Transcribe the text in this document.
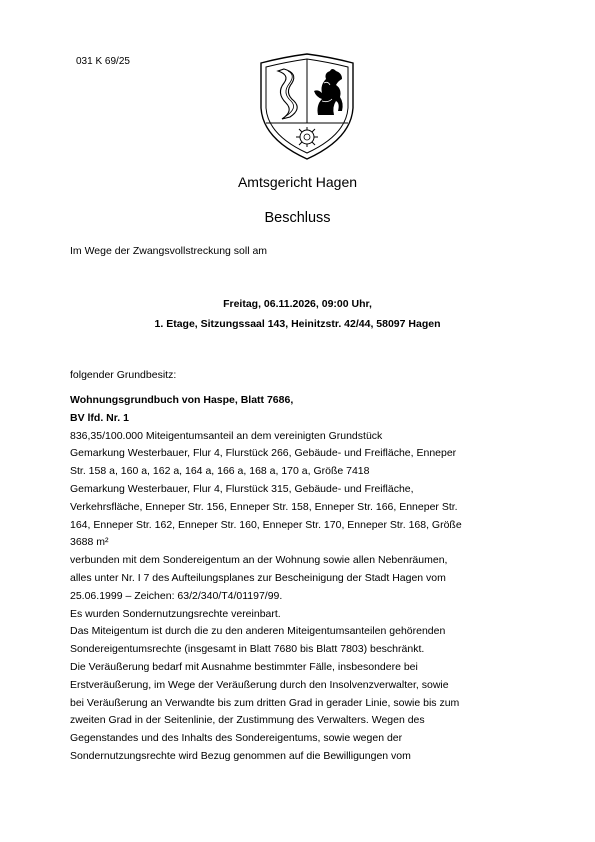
031 K 69/25
Amtsgericht Hagen
Beschluss
Im Wege der Zwangsvollstreckung soll am
Freitag, 06.11.2026, 09:00 Uhr,
1. Etage, Sitzungssaal 143, Heinitzstr. 42/44, 58097 Hagen
folgender Grundbesitz:
Wohnungsgrundbuch von Haspe, Blatt 7686,
BV lfd. Nr. 1
836,35/100.000 Miteigentumsanteil an dem vereinigten Grundstück
Gemarkung Westerbauer, Flur 4, Flurstück 266, Gebäude- und Freifläche, Enneper
Str. 158 a, 160 a, 162 a, 164 a, 166 a, 168 a, 170 a, Größe 7418
Gemarkung Westerbauer, Flur 4, Flurstück 315, Gebäude- und Freifläche,
Verkehrsfläche, Enneper Str. 156, Enneper Str. 158, Enneper Str. 166, Enneper Str.
164, Enneper Str. 162, Enneper Str. 160, Enneper Str. 170, Enneper Str. 168, Größe
3688 m²
verbunden mit dem Sondereigentum an der Wohnung sowie allen Nebenräumen,
alles unter Nr. I 7 des Aufteilungsplanes zur Bescheinigung der Stadt Hagen vom
25.06.1999 – Zeichen: 63/2/340/T4/01197/99.
Es wurden Sondernutzungsrechte vereinbart.
Das Miteigentum ist durch die zu den anderen Miteigentumsanteilen gehörenden
Sondereigentumsrechte (insgesamt in Blatt 7680 bis Blatt 7803) beschränkt.
Die Veräußerung bedarf mit Ausnahme bestimmter Fälle, insbesondere bei
Erstveräußerung, im Wege der Veräußerung durch den Insolvenzverwalter, sowie
bei Veräußerung an Verwandte bis zum dritten Grad in gerader Linie, sowie bis zum
zweiten Grad in der Seitenlinie, der Zustimmung des Verwalters. Wegen des
Gegenstandes und des Inhalts des Sondereigentums, sowie wegen der
Sondernutzungsrechte wird Bezug genommen auf die Bewilligungen vom
